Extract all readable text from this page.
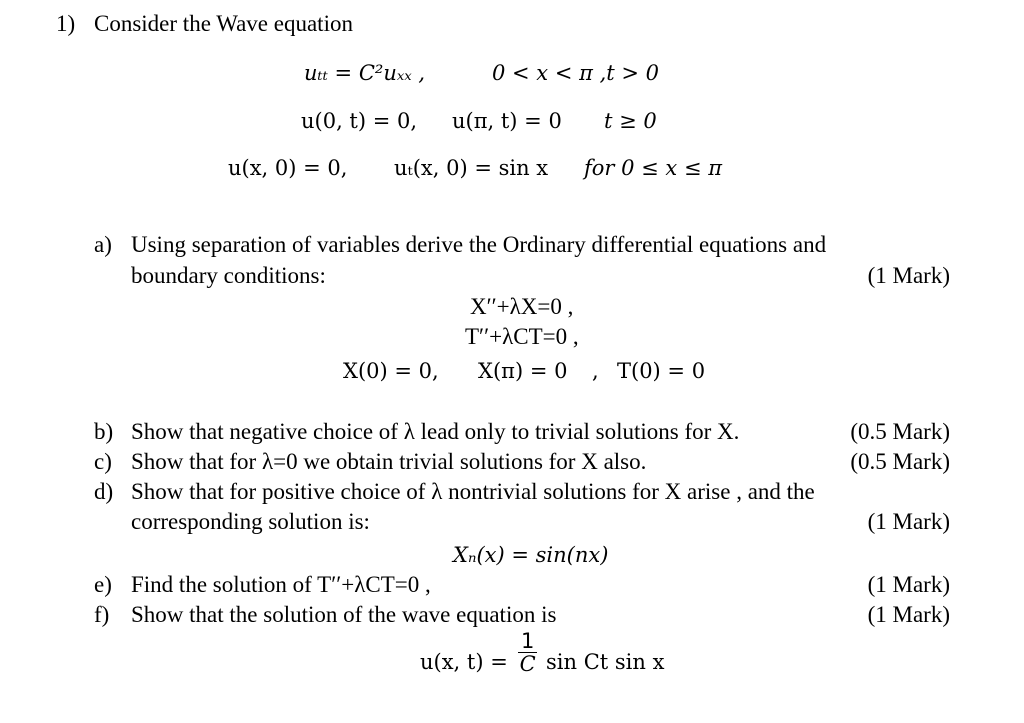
1) Consider the Wave equation
uₜₜ = C²uₓₓ ,	0 < x < π ,t > 0
u(0, t) = 0, u(π, t) = 0 t ≥ 0
u(x, 0) = 0, uₜ(x, 0) = sin x for 0 ≤ x ≤ π
a) Using separation of variables derive the Ordinary differential equations and
boundary conditions:	(1 Mark)
X′′+λX=0 ,
T′′+λCT=0 ,
X(0) = 0, X(π) = 0 , T(0) = 0
b) Show that negative choice of λ lead only to trivial solutions for X.	(0.5 Mark)
c) Show that for λ=0 we obtain trivial solutions for X also.	(0.5 Mark)
d) Show that for positive choice of λ nontrivial solutions for X arise , and the
corresponding solution is:	(1 Mark)
Xₙ(x) = sin(nx)
e) Find the solution of T′′+λCT=0 ,	(1 Mark)
f) Show that the solution of the wave equation is	(1 Mark)
u(x, t) =
1
C sin Ct sin x
